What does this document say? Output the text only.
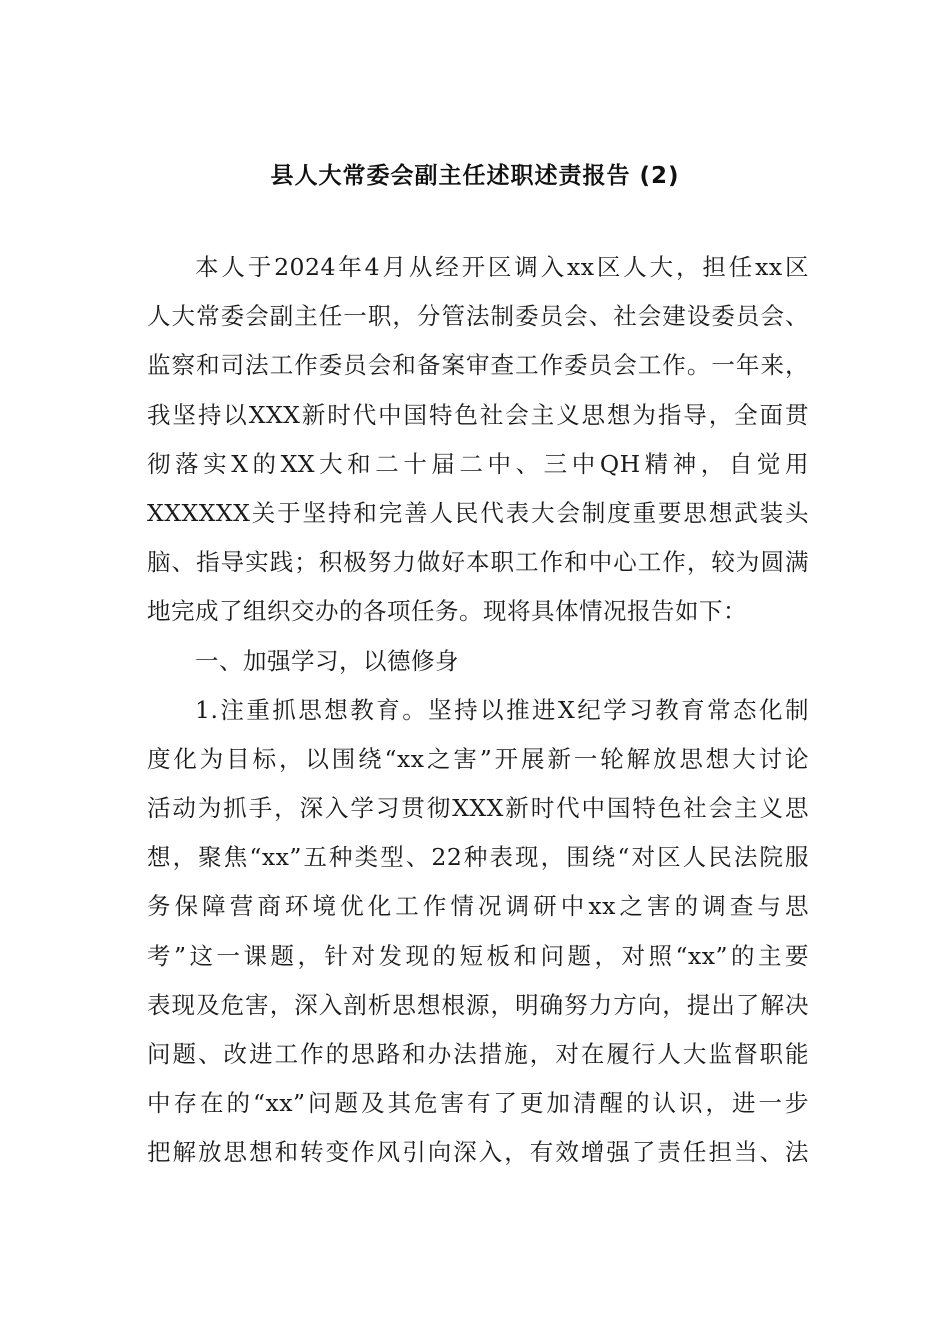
县人大常委会副主任述职述责报告 (2)
本人于2024年4月从经开区调入xx区人大，担任xx区
人大常委会副主任一职，分管法制委员会、社会建设委员会、
监察和司法工作委员会和备案审查工作委员会工作。一年来，
我坚持以XXX新时代中国特色社会主义思想为指导，全面贯
彻落实X的XX大和二十届二中、三中QH精神，自觉用
XXXXXX关于坚持和完善人民代表大会制度重要思想武装头
脑、指导实践；积极努力做好本职工作和中心工作，较为圆满
地完成了组织交办的各项任务。现将具体情况报告如下：
一、加强学习，以德修身
1.注重抓思想教育。坚持以推进X纪学习教育常态化制
度化为目标，以围绕“xx之害”开展新一轮解放思想大讨论
活动为抓手，深入学习贯彻XXX新时代中国特色社会主义思
想，聚焦“xx”五种类型、22种表现，围绕“对区人民法院服
务保障营商环境优化工作情况调研中xx之害的调查与思
考”这一课题，针对发现的短板和问题，对照“xx”的主要
表现及危害，深入剖析思想根源，明确努力方向，提出了解决
问题、改进工作的思路和办法措施，对在履行人大监督职能
中存在的“xx”问题及其危害有了更加清醒的认识，进一步
把解放思想和转变作风引向深入，有效增强了责任担当、法
